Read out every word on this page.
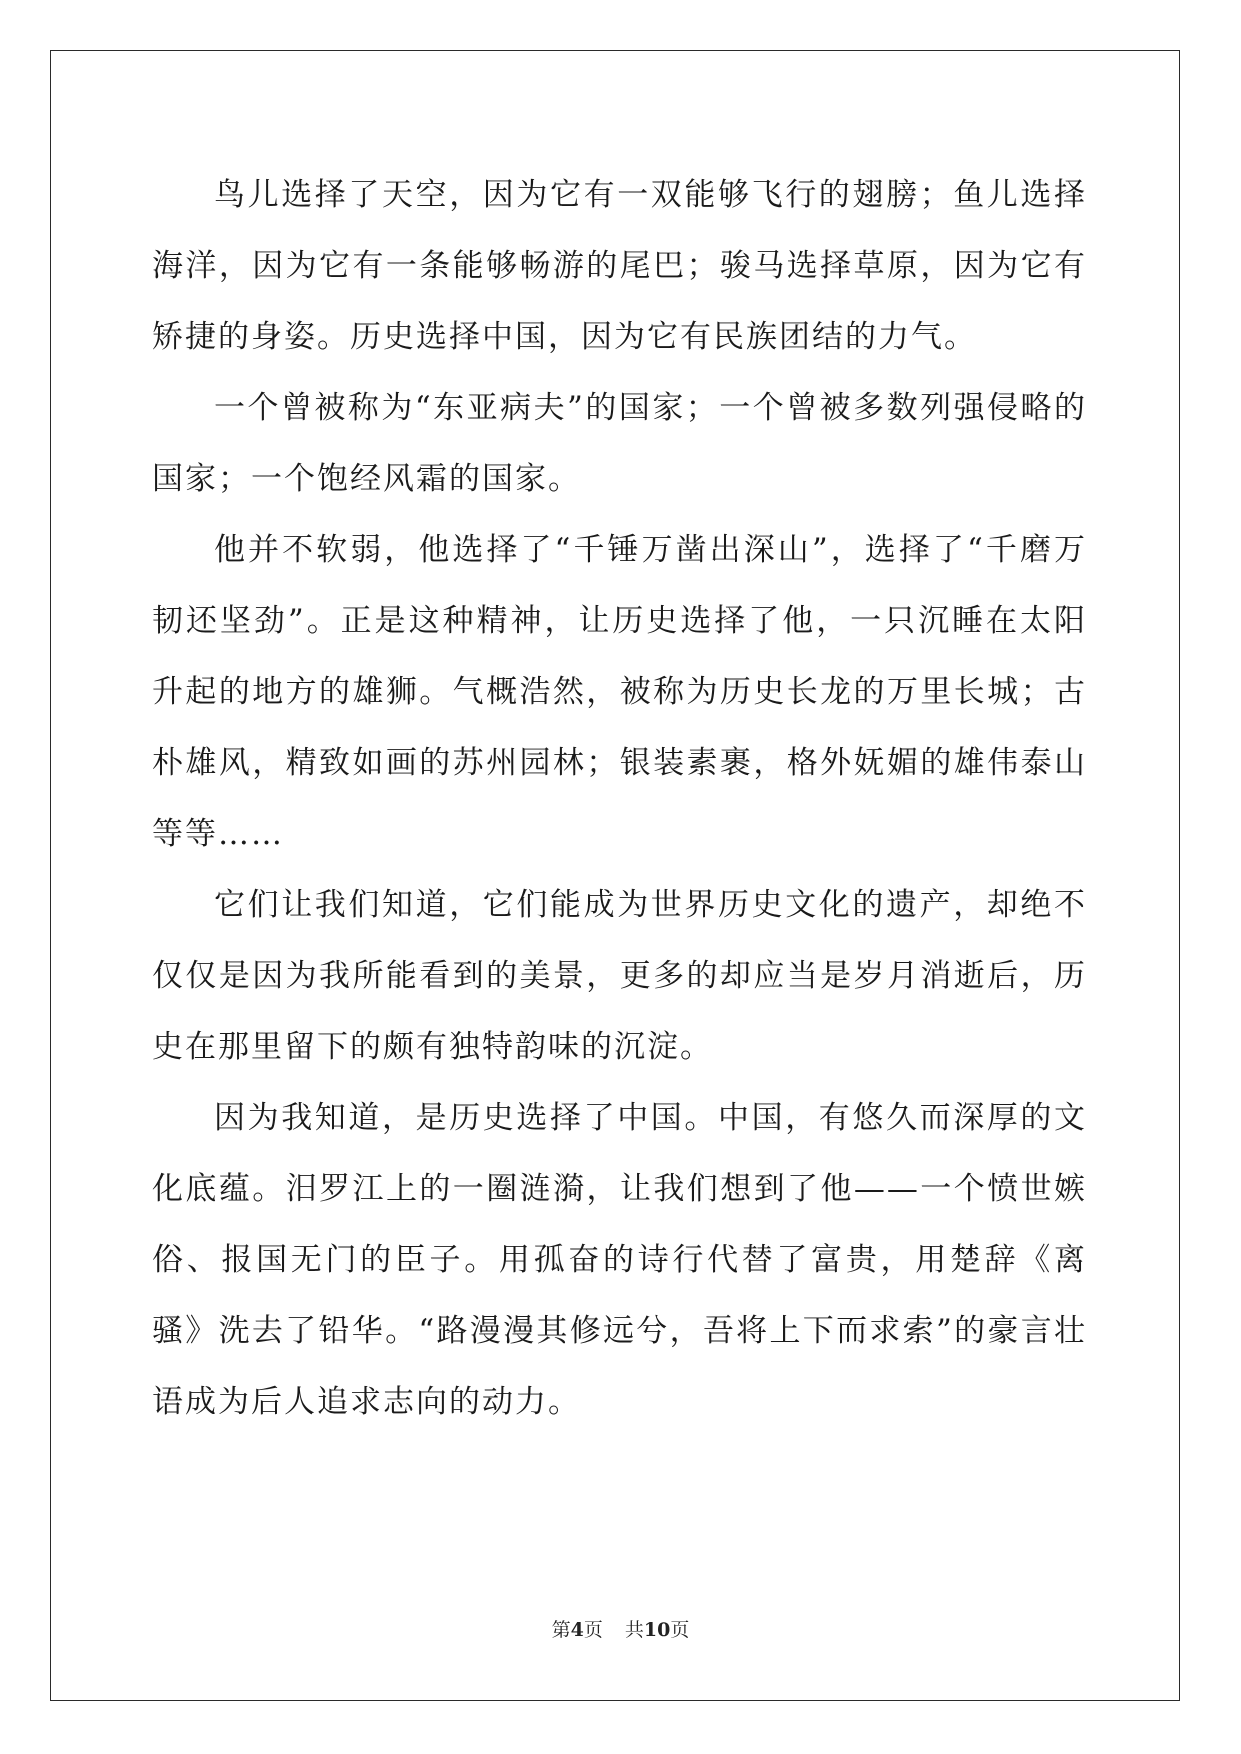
鸟儿选择了天空，因为它有一双能够飞行的翅膀；鱼儿选择海洋，因为它有一条能够畅游的尾巴；骏马选择草原，因为它有矫捷的身姿。历史选择中国，因为它有民族团结的力气。

一个曾被称为“东亚病夫”的国家；一个曾被多数列强侵略的国家；一个饱经风霜的国家。

他并不软弱，他选择了“千锤万凿出深山”，选择了“千磨万韧还坚劲”。正是这种精神，让历史选择了他，一只沉睡在太阳升起的地方的雄狮。气概浩然，被称为历史长龙的万里长城；古朴雄风，精致如画的苏州园林；银装素裹，格外妩媚的雄伟泰山等等……

它们让我们知道，它们能成为世界历史文化的遗产，却绝不仅仅是因为我所能看到的美景，更多的却应当是岁月消逝后，历史在那里留下的颇有独特韵味的沉淀。

因为我知道，是历史选择了中国。中国，有悠久而深厚的文化底蕴。汨罗江上的一圈涟漪，让我们想到了他——一个愤世嫉俗、报国无门的臣子。用孤奋的诗行代替了富贵，用楚辞《离骚》洗去了铅华。“路漫漫其修远兮，吾将上下而求索”的豪言壮语成为后人追求志向的动力。

第4页 共10页
